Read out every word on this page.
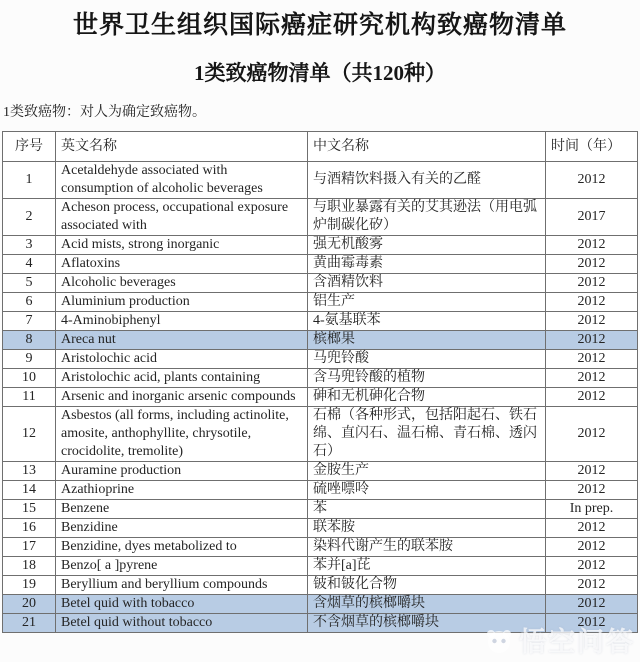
世界卫生组织国际癌症研究机构致癌物清单
1类致癌物清单（共120种）

1类致癌物：对人为确定致癌物。

序号	英文名称	中文名称	时间（年）
1	Acetaldehyde associated with consumption of alcoholic beverages	与酒精饮料摄入有关的乙醛	2012
2	Acheson process, occupational exposure associated with	与职业暴露有关的艾其逊法（用电弧炉制碳化矽）	2017
3	Acid mists, strong inorganic	强无机酸雾	2012
4	Aflatoxins	黄曲霉毒素	2012
5	Alcoholic beverages	含酒精饮料	2012
6	Aluminium production	铝生产	2012
7	4-Aminobiphenyl	4-氨基联苯	2012
8	Areca nut	槟榔果	2012
9	Aristolochic acid	马兜铃酸	2012
10	Aristolochic acid, plants containing	含马兜铃酸的植物	2012
11	Arsenic and inorganic arsenic compounds	砷和无机砷化合物	2012
12	Asbestos (all forms, including actinolite, amosite, anthophyllite, chrysotile, crocidolite, tremolite)	石棉（各种形式，包括阳起石、铁石绵、直闪石、温石棉、青石棉、透闪石）	2012
13	Auramine production	金胺生产	2012
14	Azathioprine	硫唑嘌呤	2012
15	Benzene	苯	In prep.
16	Benzidine	联苯胺	2012
17	Benzidine, dyes metabolized to	染料代谢产生的联苯胺	2012
18	Benzo[ a ]pyrene	苯并[a]芘	2012
19	Beryllium and beryllium compounds	铍和铍化合物	2012
20	Betel quid with tobacco	含烟草的槟榔嚼块	2012
21	Betel quid without tobacco	不含烟草的槟榔嚼块	2012
悟空问答
